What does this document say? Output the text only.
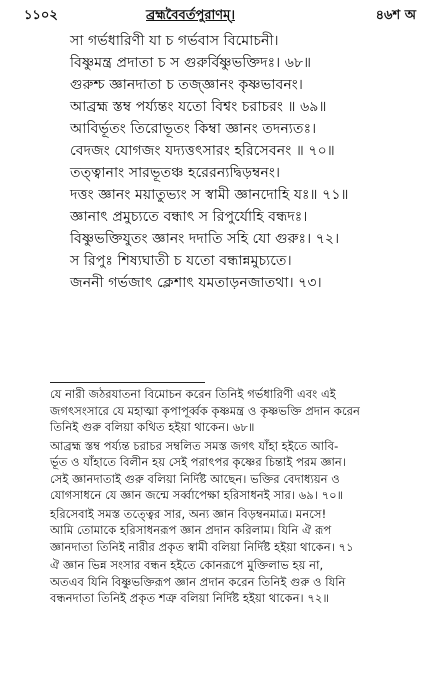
১১০২	ব্রহ্মবৈবর্তপুরাণম্।	৪৬শ অ
সা গর্ভধারিণী যা চ গর্ভবাস বিমোচনী।
বিষ্ণুমন্ত্র প্রদাতা চ স গুরুর্বিষ্ণুভক্তিদঃ। ৬৮॥
গুরুশ্চ জ্ঞানদাতা চ তজ্জ্ঞানং কৃষ্ণভাবনং।
আব্রহ্ম স্তম্ব পর্য্যন্তং যতো বিশ্বং চরাচরং ॥ ৬৯॥
আবির্ভূতং তিরোভূতং কিম্বা জ্ঞানং তদন্যতঃ।
বেদজং যোগজং যদ্যত্তৎসারং হরিসেবনং ॥ ৭০॥
তত্ত্বানাং সারভূতঞ্চ হরেরন্যদ্বিড়ম্বনং।
দত্তং জ্ঞানং ময়াতুভ্যং স স্বামী জ্ঞানদোহি যঃ॥ ৭১॥
জ্ঞানাৎ প্রমুচ্যতে বন্ধাৎ স রিপুর্যোহি বন্ধদঃ।
বিষ্ণুভক্তিযুতং জ্ঞানং দদাতি সহি যো গুরুঃ। ৭২।
স রিপুঃ শিষ্যঘাতী চ যতো বন্ধান্নমুচ্যতে।
জননী গর্ভজাৎ ক্লেশাৎ যমতাড়নজাতথা। ৭৩।

যে নারী জঠরযাতনা বিমোচন করেন তিনিই গর্ভধারিণী এবং এই
জগৎসংসারে যে মহাত্মা কৃপাপূর্ব্বক কৃষ্ণমন্ত্র ও কৃষ্ণভক্তি প্রদান করেন
তিনিই গুরু বলিয়া কথিত হইয়া থাকেন। ৬৮॥

আব্রহ্ম স্তম্ব পর্য্যন্ত চরাচর সম্বলিত সমস্ত জগৎ যাঁহা হইতে আবি-
র্ভূত ও যাঁহাতে বিলীন হয় সেই পরাৎপর কৃষ্ণের চিন্তাই পরম জ্ঞান।
সেই জ্ঞানদাতাই গুরু বলিয়া নির্দিষ্ট আছেন। ভক্তির বেদাধ্যয়ন ও
যোগসাধনে যে জ্ঞান জন্মে সর্ব্বাপেক্ষা হরিসাধনই সার। ৬৯। ৭০॥

হরিসেবাই সমস্ত তত্ত্বের সার, অন্য জ্ঞান বিড়ম্বনমাত্র। মনসে!
আমি তোমাকে হরিসাধনরূপ জ্ঞান প্রদান করিলাম। যিনি ঐ রূপ
জ্ঞানদাতা তিনিই নারীর প্রকৃত স্বামী বলিয়া নির্দিষ্ট হইয়া থাকেন। ৭১

ঐ জ্ঞান ভিন্ন সংসার বন্ধন হইতে কোনরূপে মুক্তিলাভ হয় না,
অতএব যিনি বিষ্ণুভক্তিরূপ জ্ঞান প্রদান করেন তিনিই গুরু ও যিনি
বন্ধনদাতা তিনিই প্রকৃত শত্রু বলিয়া নির্দিষ্ট হইয়া থাকেন। ৭২॥
